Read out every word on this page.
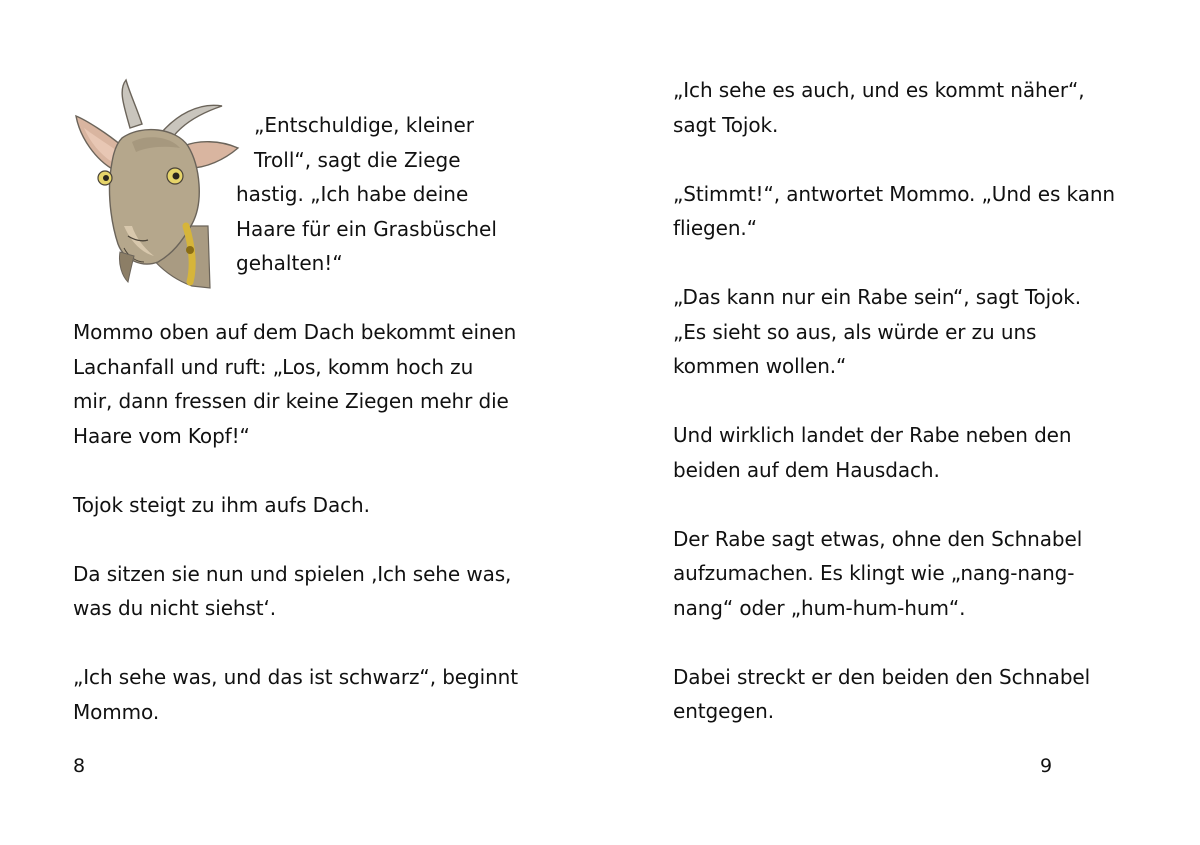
„Entschuldige, kleiner
Troll“, sagt die Ziege
hastig. „Ich habe deine
Haare für ein Grasbüschel
gehalten!“
Mommo oben auf dem Dach bekommt einen
Lachanfall und ruft: „Los, komm hoch zu
mir, dann fressen dir keine Ziegen mehr die
Haare vom Kopf!“
Tojok steigt zu ihm aufs Dach.
Da sitzen sie nun und spielen ‚Ich sehe was,
was du nicht siehst‘.
„Ich sehe was, und das ist schwarz“, beginnt
Mommo.
8
„Ich sehe es auch, und es kommt näher“,
sagt Tojok.
„Stimmt!“, antwortet Mommo. „Und es kann
fliegen.“
„Das kann nur ein Rabe sein“, sagt Tojok.
„Es sieht so aus, als würde er zu uns
kommen wollen.“
Und wirklich landet der Rabe neben den
beiden auf dem Hausdach.
Der Rabe sagt etwas, ohne den Schnabel
aufzumachen. Es klingt wie „nang-nang-
nang“ oder „hum-hum-hum“.
Dabei streckt er den beiden den Schnabel
entgegen.
9
